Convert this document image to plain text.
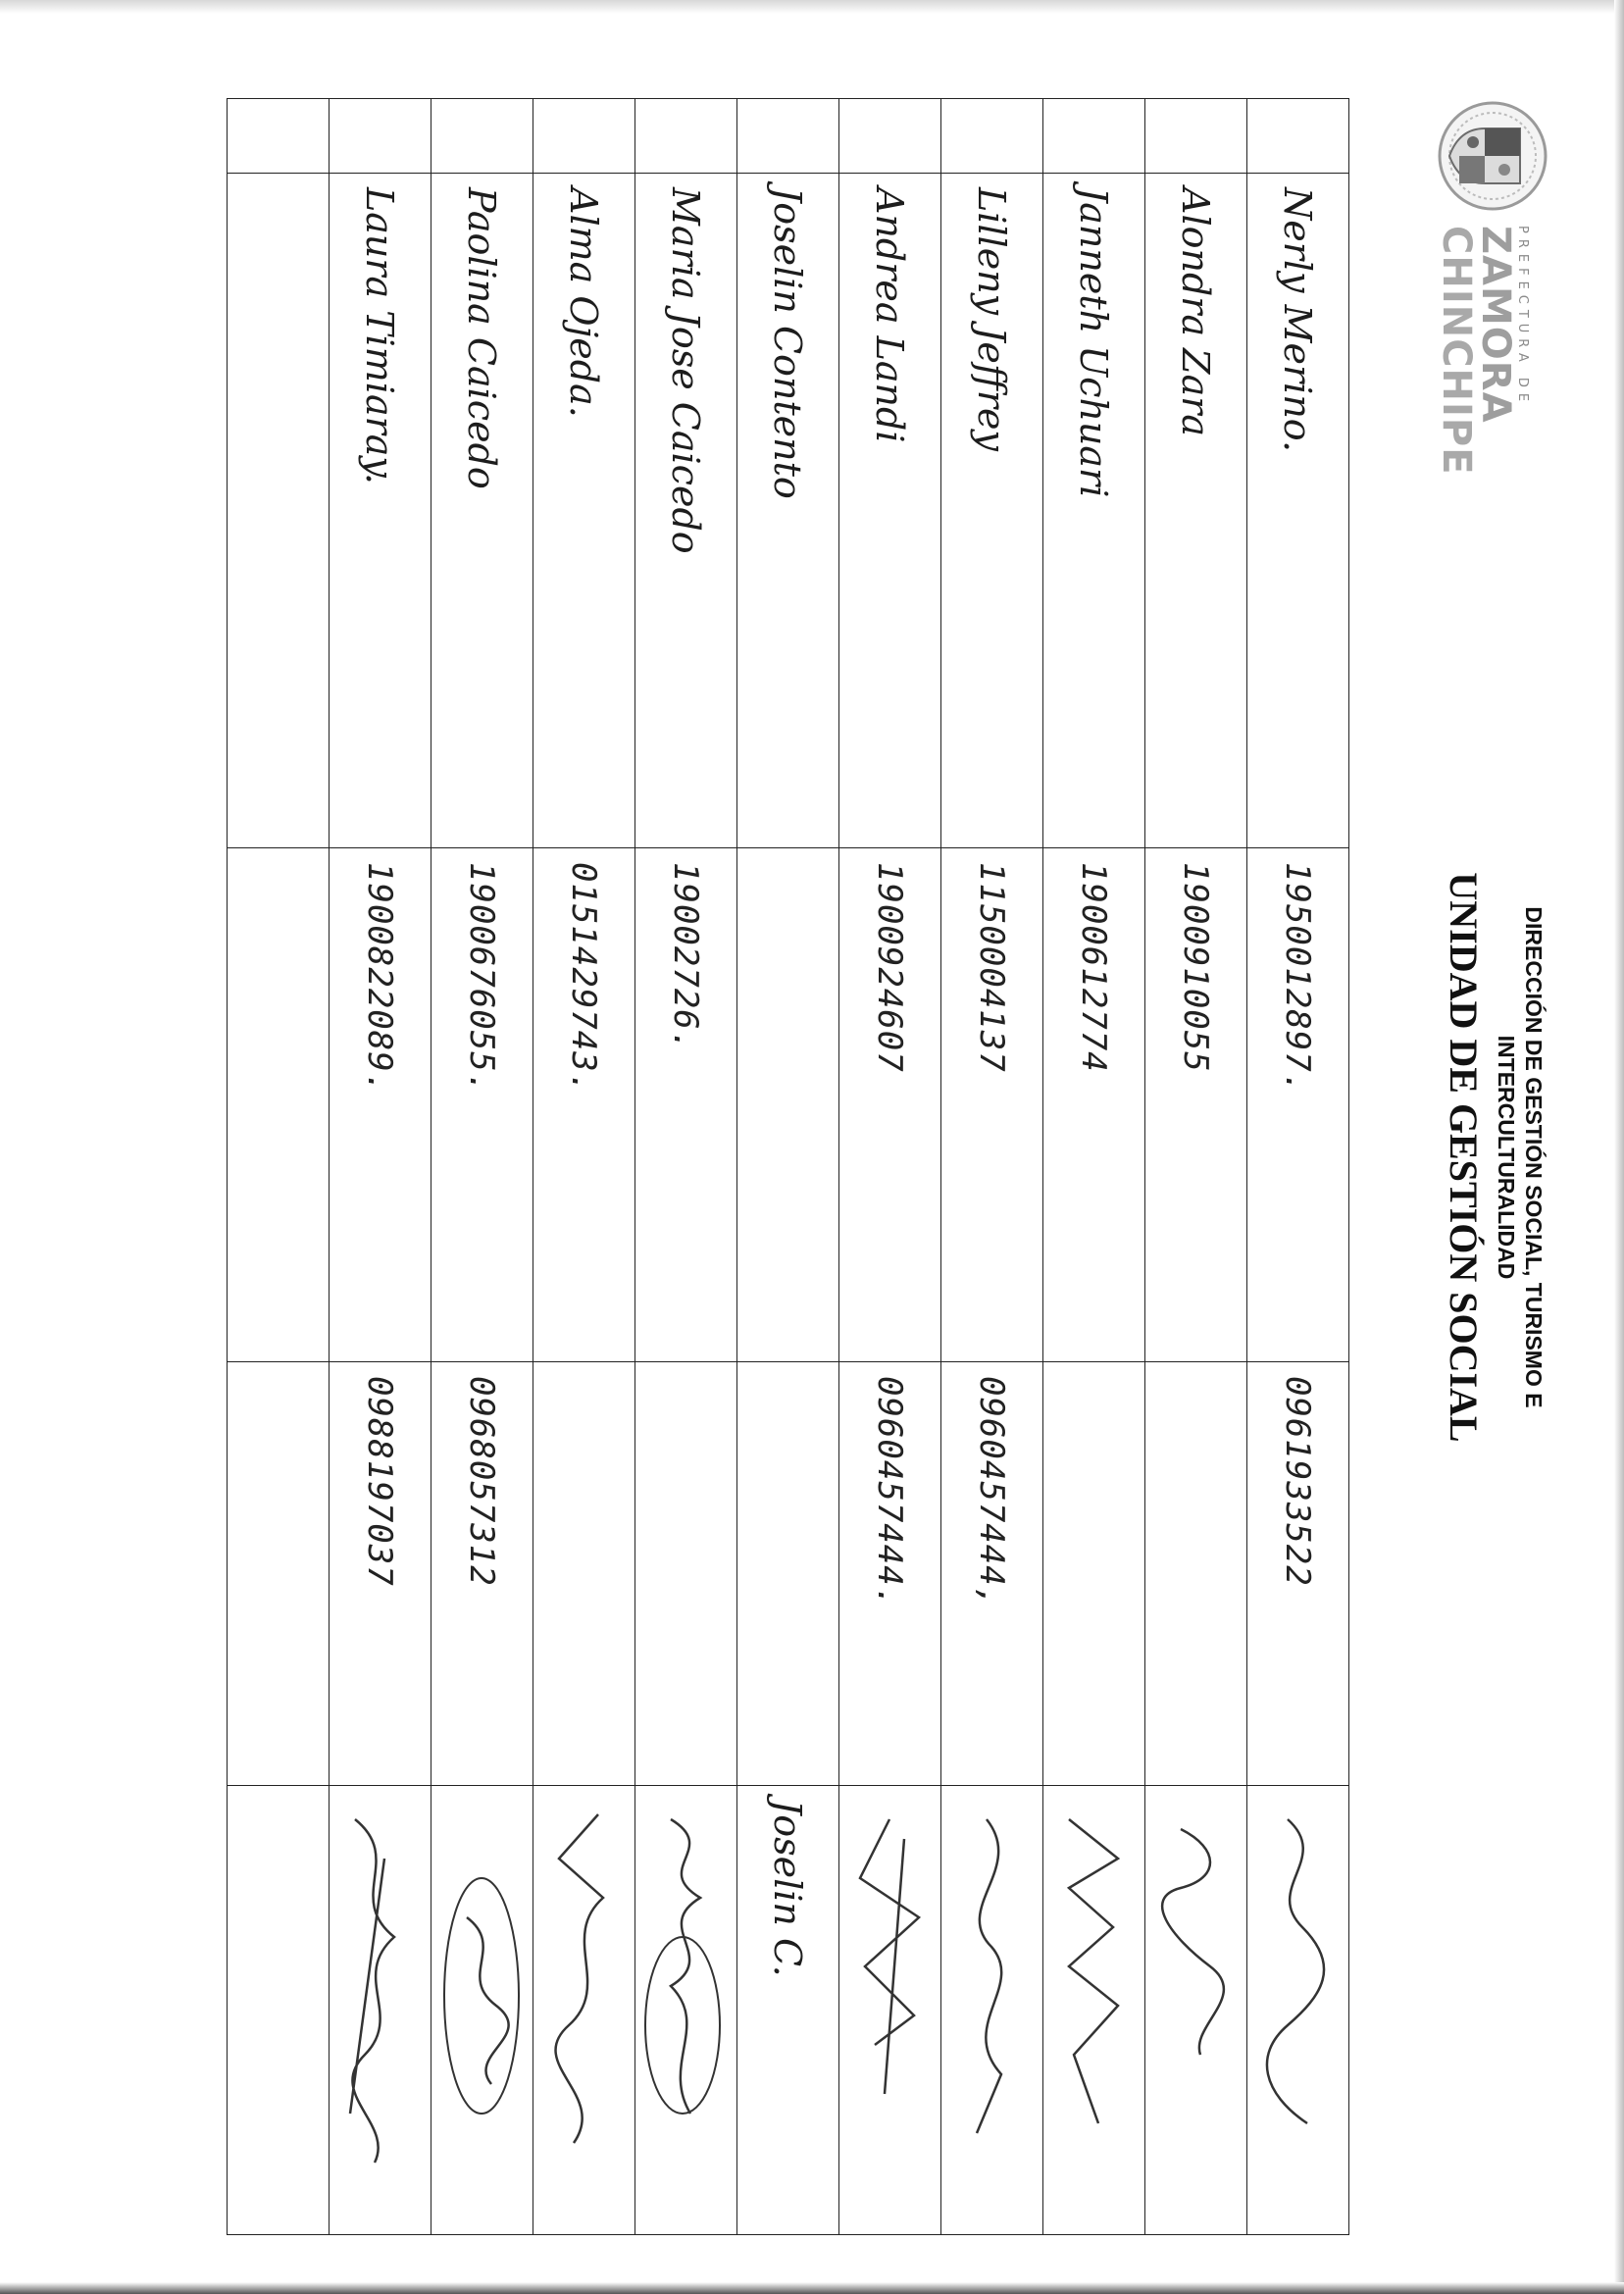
PREFECTURA DE
ZAMORA
CHINCHIPE
DIRECCIÓN DE GESTIÓN SOCIAL, TURISMO E
INTERCULTURALIDAD
UNIDAD DE GESTIÓN SOCIAL
	Nerly Merino.	1950012897.	0961933522	

	Alondra Zara	1900910055		

	Janneth Uchuari	1900612774		

	Lilleny Jeffrey	1150004137	0960457444,	

	Andrea Landi	1900924607	0960457444.	

	Joselin Contento			Joselin C.
	Maria Jose Caicedo	19002726.		

	Alma Ojeda.	0151429743.		

	Paolina Caicedo	1900676055.	0968057312	

	Laura Timiaray.	1900822089.	0988197037	
